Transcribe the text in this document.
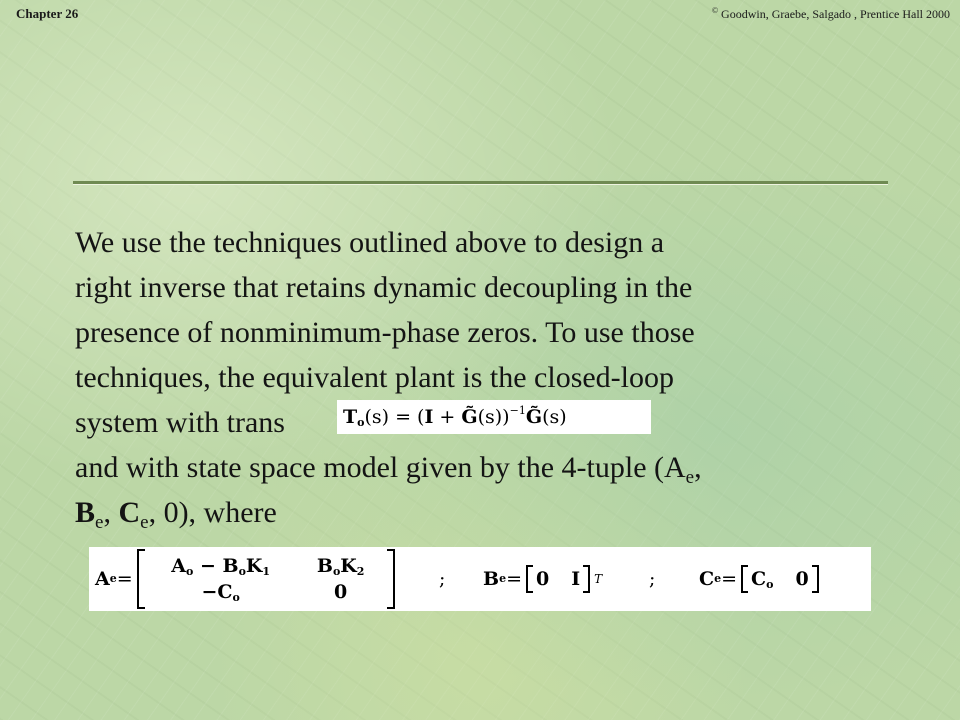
Chapter 26	© Goodwin, Graebe, Salgado , Prentice Hall 2000
We use the techniques outlined above to design a
right inverse that retains dynamic decoupling in the
presence of nonminimum-phase zeros. To use those
techniques, the equivalent plant is the closed-loop
system with trans
and with state space model given by the 4-tuple ($A_e$,
$B_e$, $C_e$, 0), where
$T_o(s) = (I$ + G̃(s))$^{-1}$G̃(s)
A e =
$A_o - B_oK_1$	$B_oK_2$
$-C_o$	0
; B e = 0 I	T ; C $e = C_o$ 0
